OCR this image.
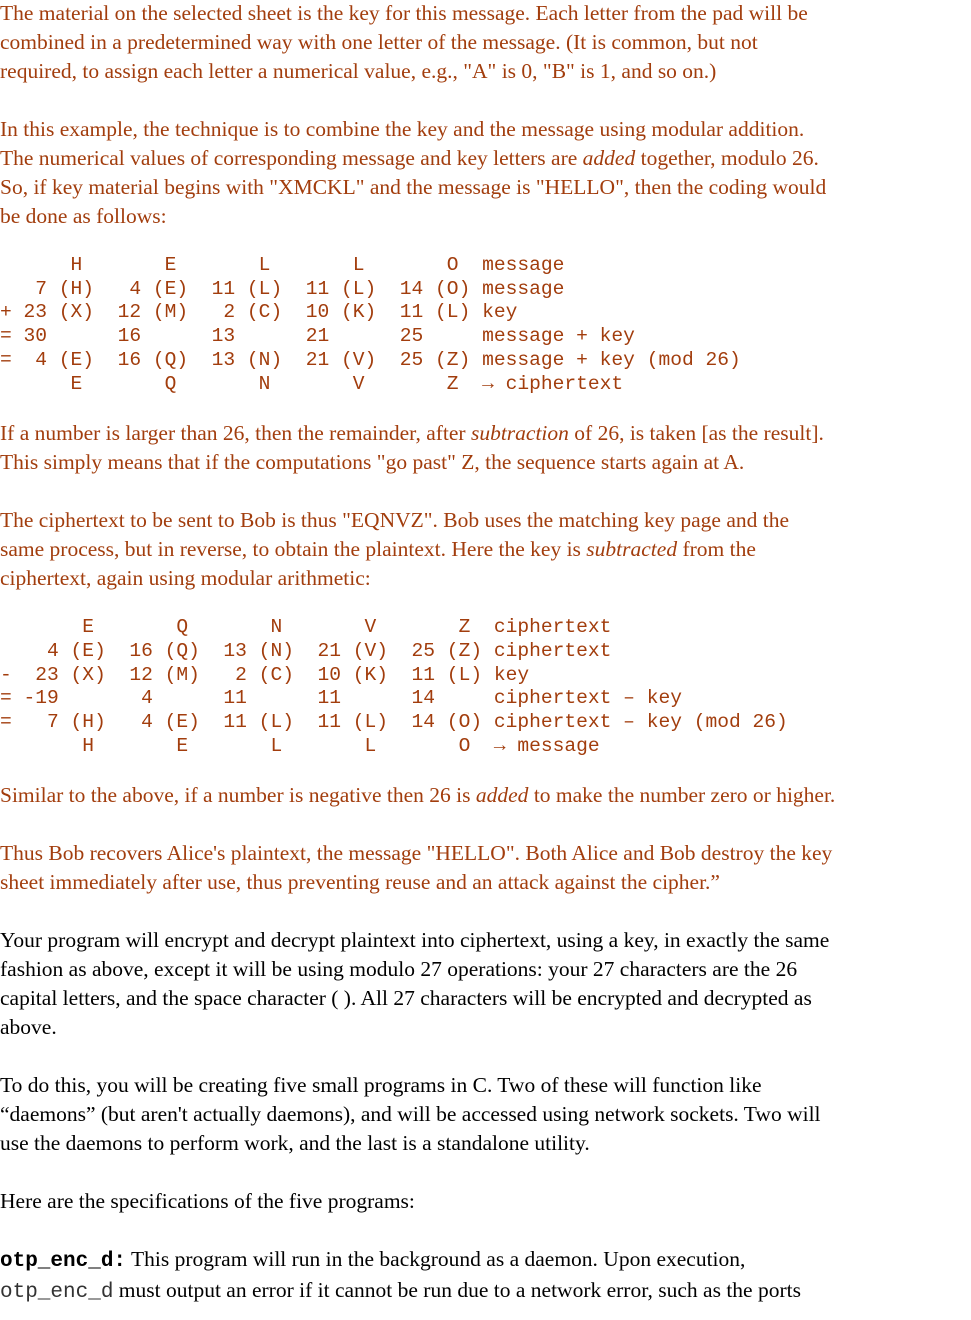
The material on the selected sheet is the key for this message. Each letter from the pad will be

combined in a predetermined way with one letter of the message. (It is common, but not

required, to assign each letter a numerical value, e.g., "A" is 0, "B" is 1, and so on.)

In this example, the technique is to combine the key and the message using modular addition.

The numerical values of corresponding message and key letters are added together, modulo 26.

So, if key material begins with "XMCKL" and the message is "HELLO", then the coding would

be done as follows:

H       E       L       L       O  message
7 (H)   4 (E)  11 (L)  11 (L)  14 (O) message
+ 23 (X)  12 (M)   2 (C)  10 (K)  11 (L) key
= 30      16      13      21      25     message + key
=  4 (E)  16 (Q)  13 (N)  21 (V)  25 (Z) message + key (mod 26)
E       Q       N       V       Z  → ciphertext

If a number is larger than 26, then the remainder, after subtraction of 26, is taken [as the result].

This simply means that if the computations "go past" Z, the sequence starts again at A.

The ciphertext to be sent to Bob is thus "EQNVZ". Bob uses the matching key page and the

same process, but in reverse, to obtain the plaintext. Here the key is subtracted from the

ciphertext, again using modular arithmetic:

E       Q       N       V       Z  ciphertext
4 (E)  16 (Q)  13 (N)  21 (V)  25 (Z) ciphertext
-  23 (X)  12 (M)   2 (C)  10 (K)  11 (L) key
= -19       4      11      11      14     ciphertext – key
=   7 (H)   4 (E)  11 (L)  11 (L)  14 (O) ciphertext – key (mod 26)
H       E       L       L       O  → message

Similar to the above, if a number is negative then 26 is added to make the number zero or higher.

Thus Bob recovers Alice's plaintext, the message "HELLO". Both Alice and Bob destroy the key

sheet immediately after use, thus preventing reuse and an attack against the cipher.”

Your program will encrypt and decrypt plaintext into ciphertext, using a key, in exactly the same

fashion as above, except it will be using modulo 27 operations: your 27 characters are the 26

capital letters, and the space character ( ). All 27 characters will be encrypted and decrypted as

above.

To do this, you will be creating five small programs in C. Two of these will function like

“daemons” (but aren't actually daemons), and will be accessed using network sockets. Two will

use the daemons to perform work, and the last is a standalone utility.

Here are the specifications of the five programs:

otp_enc_d: This program will run in the background as a daemon. Upon execution,

otp_enc_d must output an error if it cannot be run due to a network error, such as the ports
